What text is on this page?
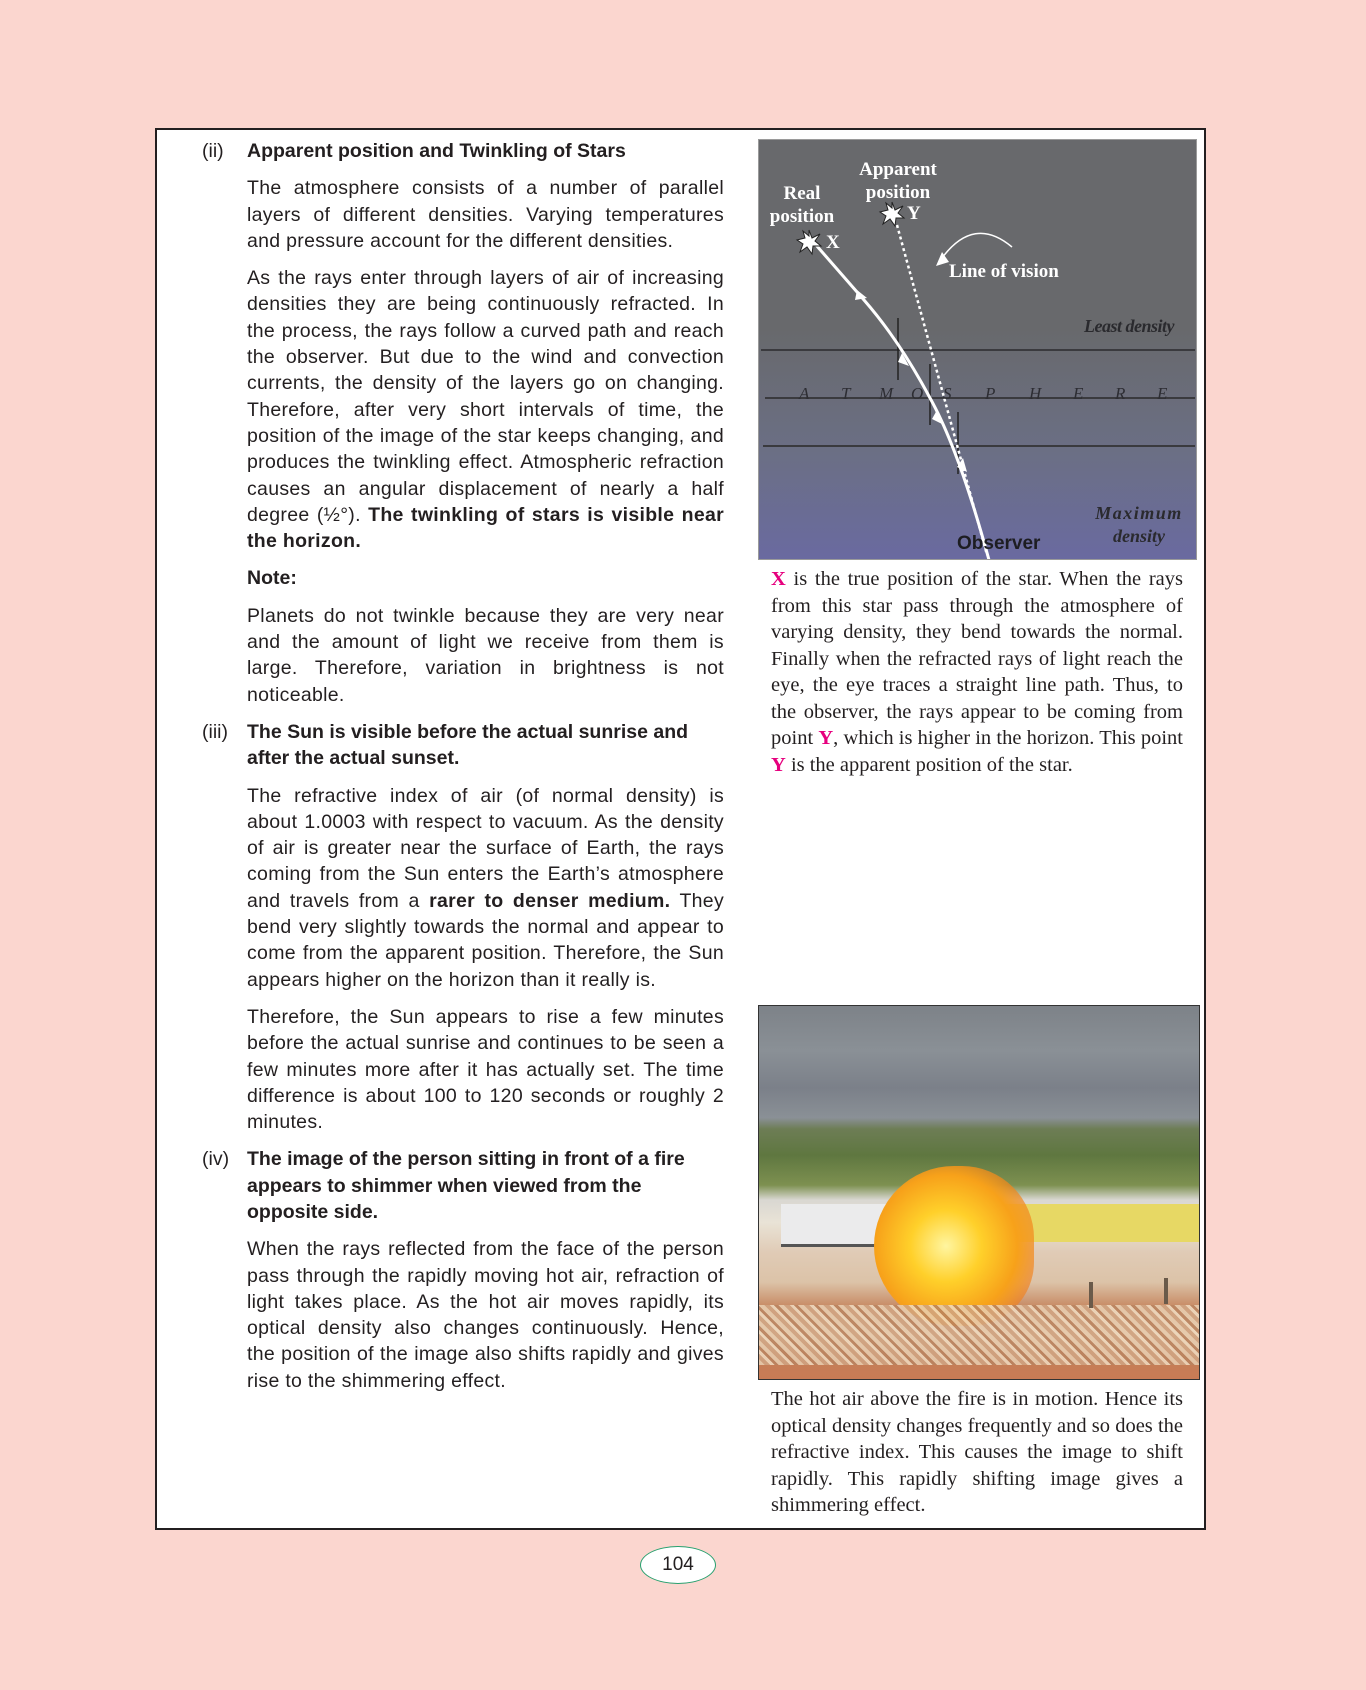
(ii) Apparent position and Twinkling of Stars

The atmosphere consists of a number of parallel layers of different densities. Varying temperatures and pressure account for the different densities.

As the rays enter through layers of air of increasing densities they are being continuously refracted. In the process, the rays follow a curved path and reach the observer. But due to the wind and convection currents, the density of the layers go on changing. Therefore, after very short intervals of time, the position of the image of the star keeps changing, and produces the twinkling effect. Atmospheric refraction causes an angular displacement of nearly a half degree (½°). The twinkling of stars is visible near the horizon.

Note:

Planets do not twinkle because they are very near and the amount of light we receive from them is large. Therefore, variation in brightness is not noticeable.

(iii) The Sun is visible before the actual sunrise and after the actual sunset.

The refractive index of air (of normal density) is about 1.0003 with respect to vacuum. As the density of air is greater near the surface of Earth, the rays coming from the Sun enters the Earth’s atmosphere and travels from a rarer to denser medium. They bend very slightly towards the normal and appear to come from the apparent position. Therefore, the Sun appears higher on the horizon than it really is.

Therefore, the Sun appears to rise a few minutes before the actual sunrise and continues to be seen a few minutes more after it has actually set. The time difference is about 100 to 120 seconds or roughly 2 minutes.

(iv) The image of the person sitting in front of a fire appears to shimmer when viewed from the opposite side.

When the rays reflected from the face of the person pass through the rapidly moving hot air, refraction of light takes place. As the hot air moves rapidly, its optical density also changes continuously. Hence, the position of the image also shifts rapidly and gives rise to the shimmering effect.

Real
position
Apparent
position
X
Y
Line of vision
Least density
A T M O S P H E R E
Maximum
density
Observer
X is the true position of the star. When the rays from this star pass through the atmosphere of varying density, they bend towards the normal. Finally when the refracted rays of light reach the eye, the eye traces a straight line path. Thus, to the observer, the rays appear to be coming from point Y, which is higher in the horizon. This point Y is the apparent position of the star.
The hot air above the fire is in motion. Hence its optical density changes frequently and so does the refractive index. This causes the image to shift rapidly. This rapidly shifting image gives a shimmering effect.
104
